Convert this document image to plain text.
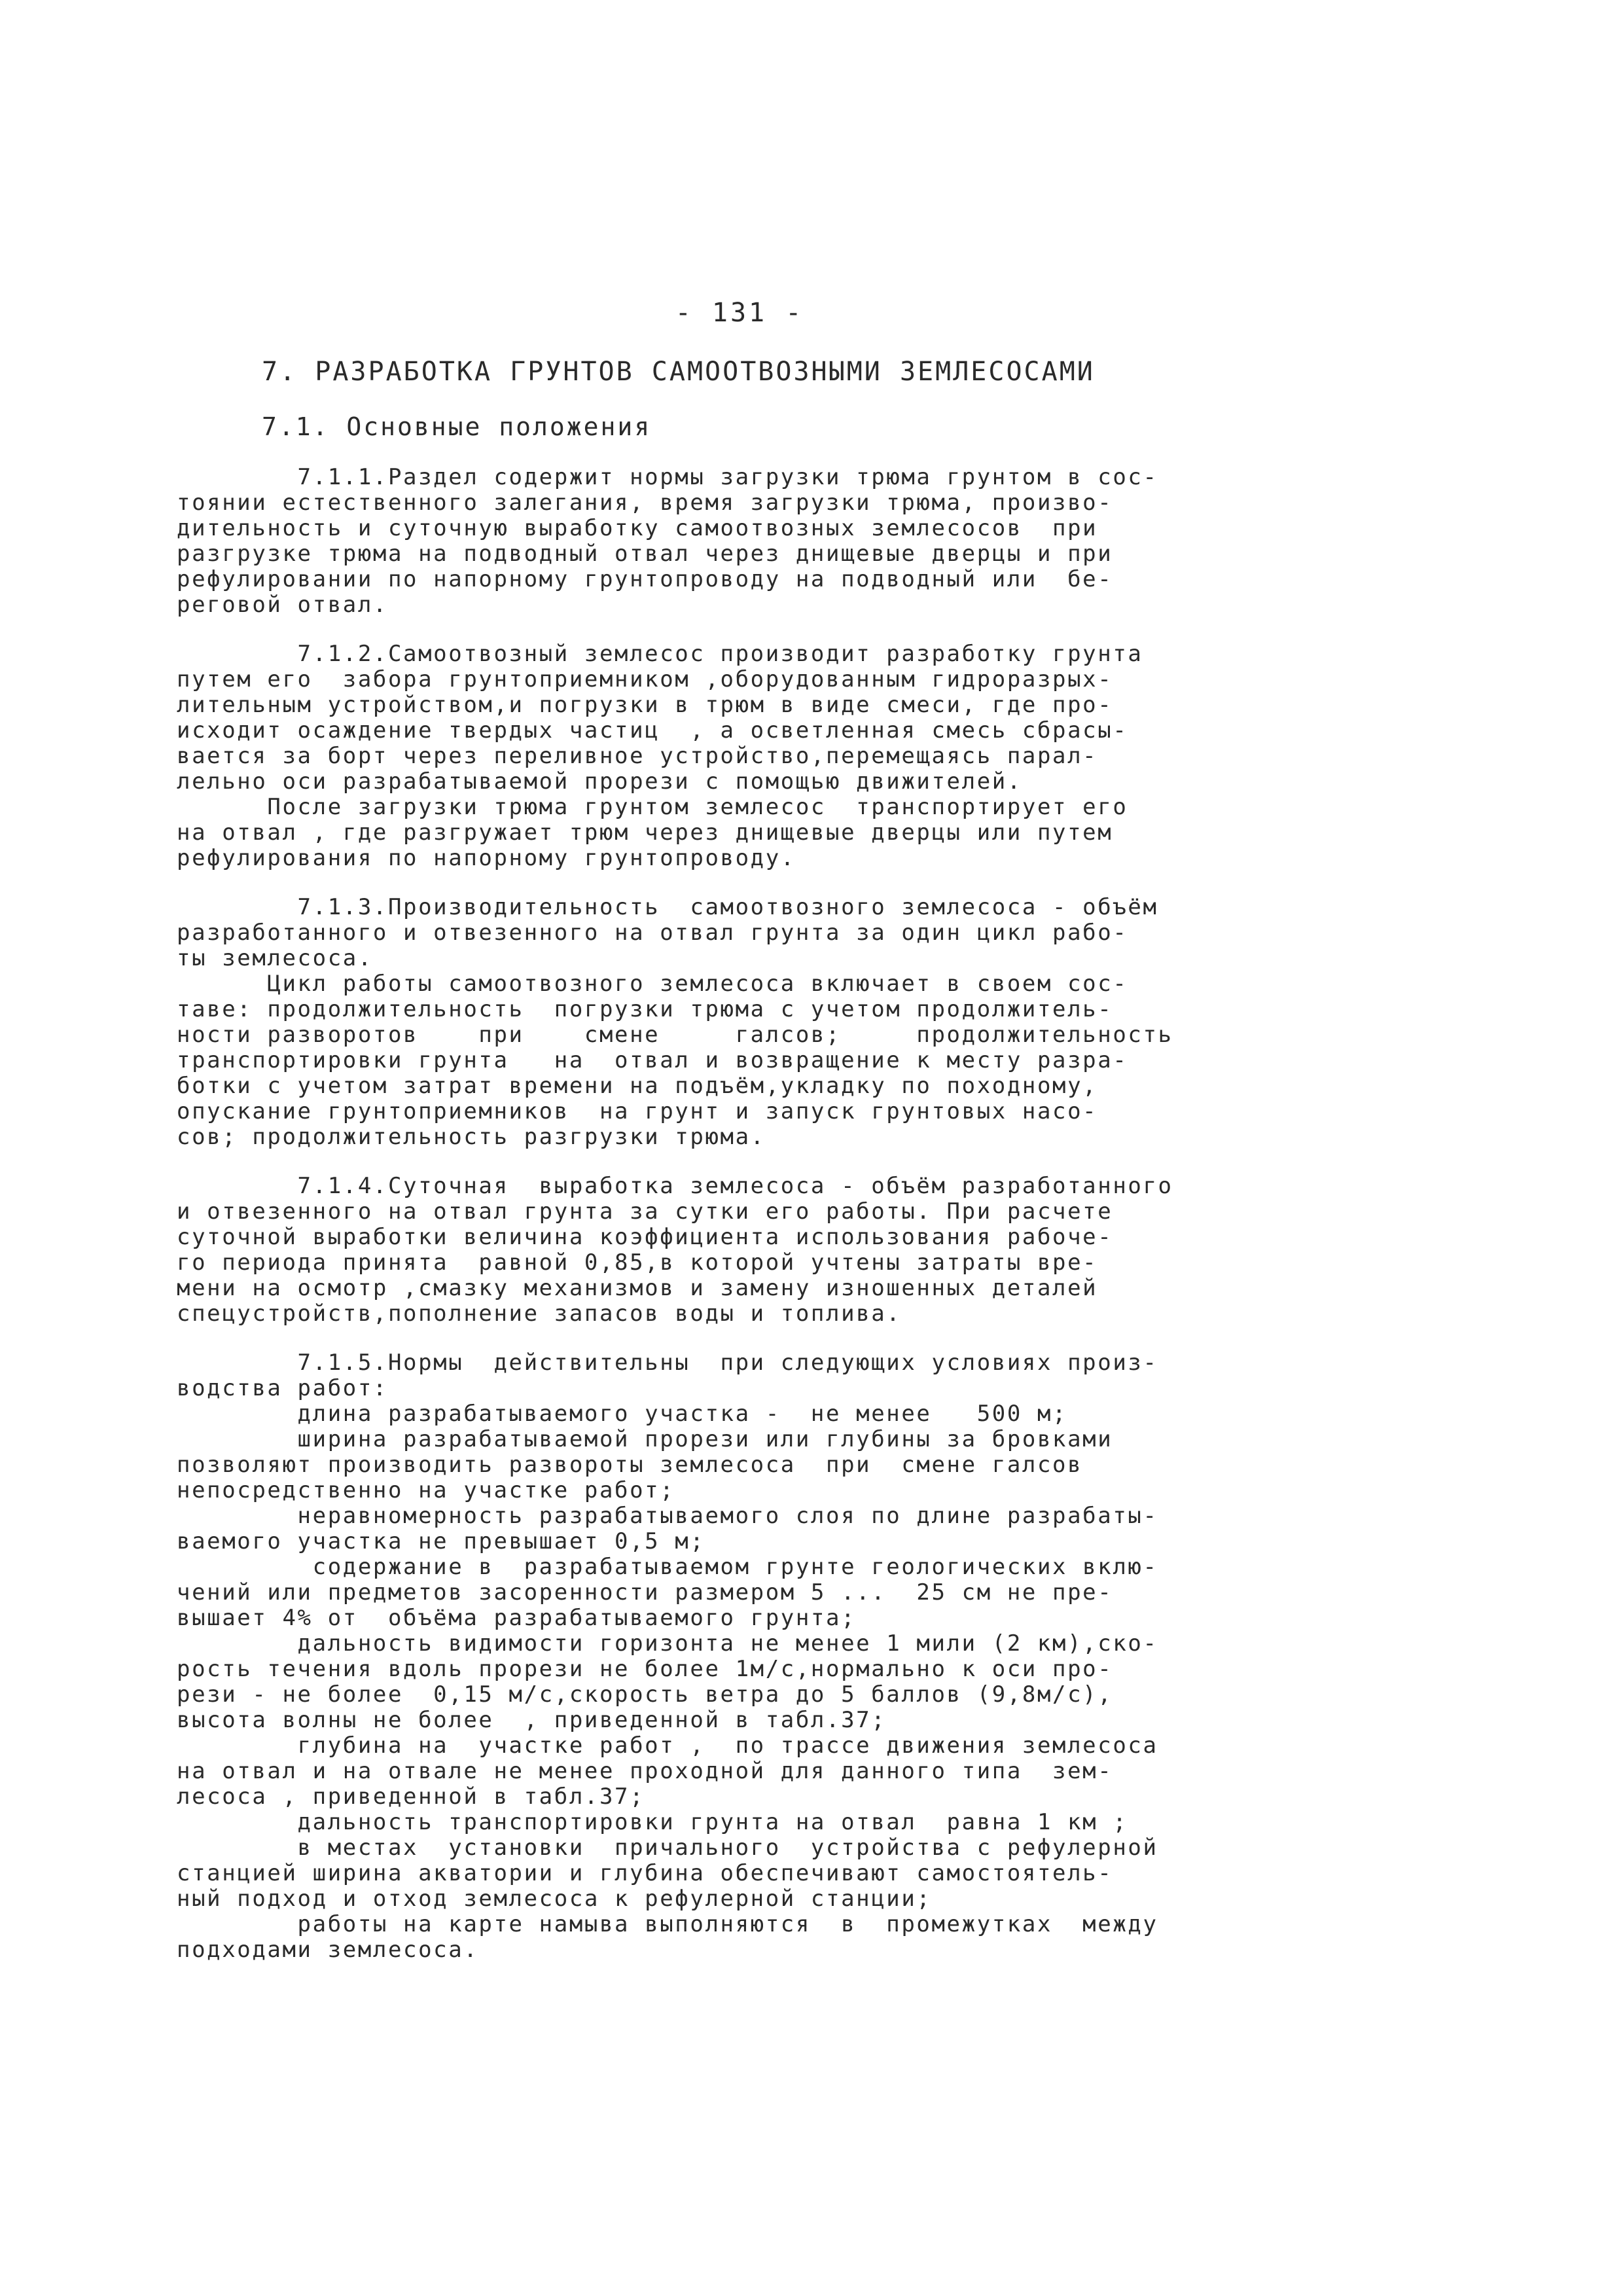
- 131 -
7. РАЗРАБОТКА ГРУНТОВ САМООТВОЗНЫМИ ЗЕМЛЕСОСАМИ
7.1. Основные положения
7.1.1.Раздел содержит нормы загрузки трюма грунтом в сос-
тоянии естественного залегания, время загрузки трюма, произво-
дительность и суточную выработку самоотвозных землесосов  при
разгрузке трюма на подводный отвал через днищевые дверцы и при
рефулировании по напорному грунтопроводу на подводный или  бе-
реговой отвал.
7.1.2.Самоотвозный землесос производит разработку грунта
путем его  забора грунтоприемником ,оборудованным гидроразрых-
лительным устройством,и погрузки в трюм в виде смеси, где про-
исходит осаждение твердых частиц  , а осветленная смесь сбрасы-
вается за борт через переливное устройство,перемещаясь парал-
лельно оси разрабатываемой прорези с помощью движителей.
После загрузки трюма грунтом землесос  транспортирует его
на отвал , где разгружает трюм через днищевые дверцы или путем
рефулирования по напорному грунтопроводу.
7.1.3.Производительность  самоотвозного землесоса - объём
разработанного и отвезенного на отвал грунта за один цикл рабо-
ты землесоса.
Цикл работы самоотвозного землесоса включает в своем сос-
таве: продолжительность  погрузки трюма с учетом продолжитель-
ности разворотов    при    смене     галсов;     продолжительность
транспортировки грунта   на  отвал и возвращение к месту разра-
ботки с учетом затрат времени на подъём,укладку по походному,
опускание грунтоприемников  на грунт и запуск грунтовых насо-
сов; продолжительность разгрузки трюма.
7.1.4.Суточная  выработка землесоса - объём разработанного
и отвезенного на отвал грунта за сутки его работы. При расчете
суточной выработки величина коэффициента использования рабоче-
го периода принята  равной 0,85,в которой учтены затраты вре-
мени на осмотр ,смазку механизмов и замену изношенных деталей
спецустройств,пополнение запасов воды и топлива.
7.1.5.Нормы  действительны  при следующих условиях произ-
водства работ:
длина разрабатываемого участка -  не менее   500 м;
ширина разрабатываемой прорези или глубины за бровками
позволяют производить развороты землесоса  при  смене галсов
непосредственно на участке работ;
неравномерность разрабатываемого слоя по длине разрабаты-
ваемого участка не превышает 0,5 м;
содержание в  разрабатываемом грунте геологических вклю-
чений или предметов засоренности размером 5 ...  25 см не пре-
вышает 4% от  объёма разрабатываемого грунта;
дальность видимости горизонта не менее 1 мили (2 км),ско-
рость течения вдоль прорези не более 1м/с,нормально к оси про-
рези - не более  0,15 м/с,скорость ветра до 5 баллов (9,8м/с),
высота волны не более  , приведенной в табл.37;
глубина на  участке работ ,  по трассе движения землесоса
на отвал и на отвале не менее проходной для данного типа  зем-
лесоса , приведенной в табл.37;
дальность транспортировки грунта на отвал  равна 1 км ;
в местах  установки  причального  устройства с рефулерной
станцией ширина акватории и глубина обеспечивают самостоятель-
ный подход и отход землесоса к рефулерной станции;
работы на карте намыва выполняются  в  промежутках  между
подходами землесоса.
